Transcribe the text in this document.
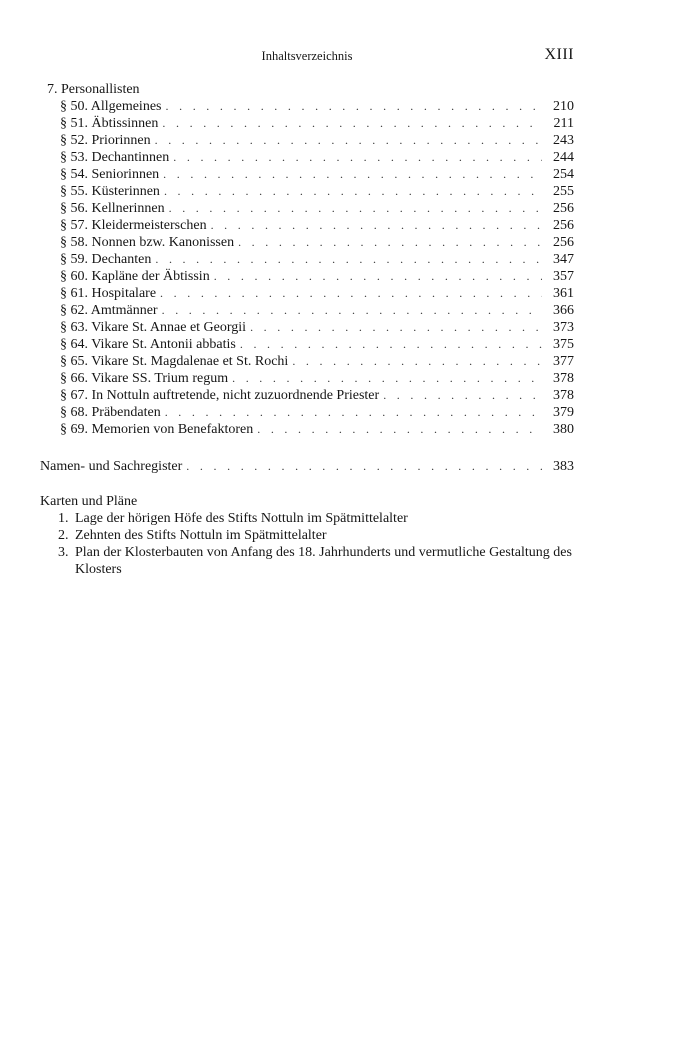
Inhaltsverzeichnis	XIII
7. Personallisten
§ 50. Allgemeines . . .	210
§ 51. Äbtissinnen . . .	211
§ 52. Priorinnen . . .	243
§ 53. Dechantinnen . . .	244
§ 54. Seniorinnen . . .	254
§ 55. Küsterinnen . . .	255
§ 56. Kellnerinnen . . .	256
§ 57. Kleidermeisterschen . . .	256
§ 58. Nonnen bzw. Kanonissen . . .	256
§ 59. Dechanten . . .	347
§ 60. Kapläne der Äbtissin . . .	357
§ 61. Hospitalare . . .	361
§ 62. Amtmänner . . .	366
§ 63. Vikare St. Annae et Georgii . . .	373
§ 64. Vikare St. Antonii abbatis . . .	375
§ 65. Vikare St. Magdalenae et St. Rochi . . .	377
§ 66. Vikare SS. Trium regum . . .	378
§ 67. In Nottuln auftretende, nicht zuzuordnende Priester . . .	378
§ 68. Präbendaten . . .	379
§ 69. Memorien von Benefaktoren . . .	380
Namen- und Sachregister . . .	383
Karten und Pläne
1. Lage der hörigen Höfe des Stifts Nottuln im Spätmittelalter
2. Zehnten des Stifts Nottuln im Spätmittelalter
3. Plan der Klosterbauten von Anfang des 18. Jahrhunderts und vermutliche Gestaltung des Klosters
